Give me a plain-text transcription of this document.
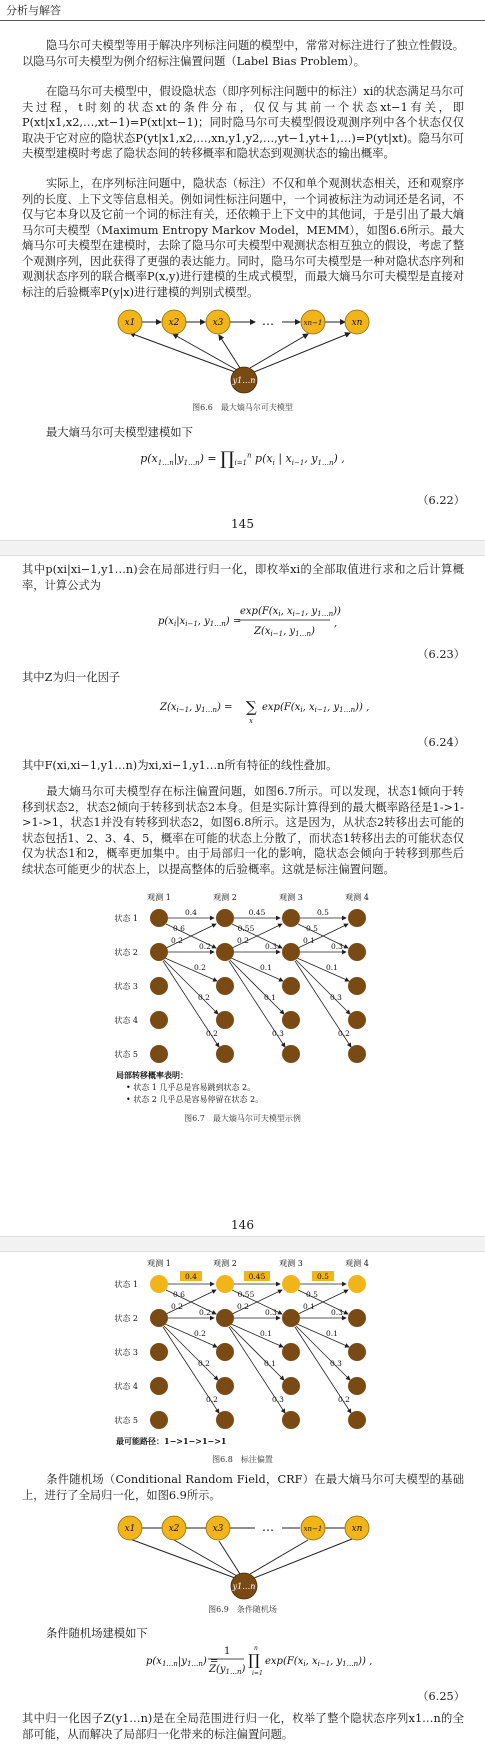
分析与解答

隐马尔可夫模型等用于解决序列标注问题的模型中，常常对标注进行了独立性假设。以隐马尔可夫模型为例介绍标注偏置问题（Label Bias Problem）。

在隐马尔可夫模型中，假设隐状态（即序列标注问题中的标注）xi的状态满足马尔可夫过程，t时刻的状态xt的条件分布，仅仅与其前一个状态xt−1有关，即P(xt|x1,x2,…,xt−1)=P(xt|xt−1)；同时隐马尔可夫模型假设观测序列中各个状态仅仅取决于它对应的隐状态P(yt|x1,x2,…,xn,y1,y2,…,yt−1,yt+1,…)=P(yt|xt)。隐马尔可夫模型建模时考虑了隐状态间的转移概率和隐状态到观测状态的输出概率。

实际上，在序列标注问题中，隐状态（标注）不仅和单个观测状态相关，还和观察序列的长度、上下文等信息相关。例如词性标注问题中，一个词被标注为动词还是名词，不仅与它本身以及它前一个词的标注有关，还依赖于上下文中的其他词，于是引出了最大熵马尔可夫模型（Maximum Entropy Markov Model，MEMM），如图6.6所示。最大熵马尔可夫模型在建模时，去除了隐马尔可夫模型中观测状态相互独立的假设，考虑了整个观测序列，因此获得了更强的表达能力。同时，隐马尔可夫模型是一种对隐状态序列和观测状态序列的联合概率P(x,y)进行建模的生成式模型，而最大熵马尔可夫模型是直接对标注的后验概率P(y|x)进行建模的判别式模型。

x1	x2	x3	…	xn−1	xn
y1…n
图6.6　最大熵马尔可夫模型

最大熵马尔可夫模型建模如下

$p(x_{1\dots n}|y_{1\dots n})$ = $\prod_{i=1}^n$ $p(x_i$ | $x_{i-1}$, $y_{1\dots n}$) ,
（6.22）
145

其中p(xi|xi−1,y1…n)会在局部进行归一化，即枚举xi的全部取值进行求和之后计算概率，计算公式为

$p(x_i|x_{i-1}$, $y_{1\dots n}$) =
$\exp(F(x_i$, $x_{i-1}$, $y_{1\dots n}$))
$Z(x_{i-1}$, $y_{1\dots n}$)
,
（6.23）

其中Z为归一化因子

$Z(x_{i-1}$, $y_{1\dots n}$) = ∑
x
$\exp(F(x_i$, $x_{i-1}$, $y_{1\dots n}$)) ,
（6.24）

其中F(xi,xi−1,y1…n)为xi,xi−1,y1…n所有特征的线性叠加。

最大熵马尔可夫模型存在标注偏置问题，如图6.7所示。可以发现，状态1倾向于转移到状态2，状态2倾向于转移到状态2本身。但是实际计算得到的最大概率路径是1->1->1->1，状态1并没有转移到状态2，如图6.8所示。这是因为，从状态2转移出去可能的状态包括1、2、3、4、5，概率在可能的状态上分散了，而状态1转移出去的可能状态仅仅为状态1和2，概率更加集中。由于局部归一化的影响，隐状态会倾向于转移到那些后续状态可能更少的状态上，以提高整体的后验概率。这就是标注偏置问题。

观测 1	观测 2	观测 3	观测 4
状态 1
状态 2
状态 3
状态 4
状态 5
0.4	0.45	0.5
0.6	0.55	0.5
0.2	0.2	0.1
0.2	0.3	0.3
0.2	0.1	0.1
0.2	0.1	0.3
0.2	0.3	0.2
局部转移概率表明：
• 状态 1 几乎总是容易跳到状态 2。
• 状态 2 几乎总是容易停留在状态 2。
图6.7　最大熵马尔可夫模型示例
146
观测 1	观测 2	观测 3	观测 4
状态 1
状态 2
状态 3
状态 4
状态 5
0.4	0.45	0.5
0.6	0.55	0.5
0.2	0.2	0.1
0.2	0.3	0.3
0.2	0.1	0.1
0.2	0.1	0.3
0.2	0.3	0.2
最可能路径：1−>1−>1−>1
图6.8　标注偏置

条件随机场（Conditional Random Field，CRF）在最大熵马尔可夫模型的基础上，进行了全局归一化，如图6.9所示。

x1	x2	x3	…	xn−1	xn
y1…n
图6.9　条件随机场

条件随机场建模如下

$p(x_{1\dots n}|y_{1\dots n})$ =
1
$Z(y_{1\dots n})$
∏
i=1
n
$\exp(F(x_i$, $x_{i-1}$, $y_{1\dots n}$)) ,
（6.25）

其中归一化因子Z(y1…n)是在全局范围进行归一化，枚举了整个隐状态序列x1…n的全部可能，从而解决了局部归一化带来的标注偏置问题。
